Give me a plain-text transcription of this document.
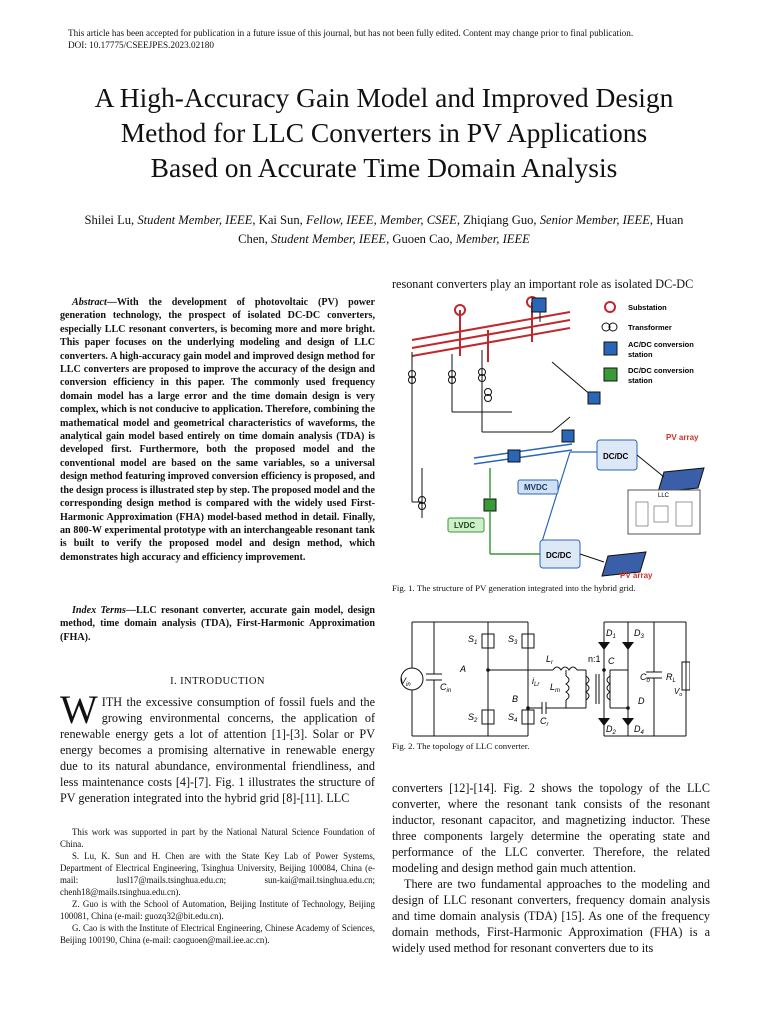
This article has been accepted for publication in a future issue of this journal, but has not been fully edited. Content may change prior to final publication.
DOI: 10.17775/CSEEJPES.2023.02180
A High-Accuracy Gain Model and Improved Design
Method for LLC Converters in PV Applications
Based on Accurate Time Domain Analysis
Shilei Lu, Student Member, IEEE, Kai Sun, Fellow, IEEE, Member, CSEE, Zhiqiang Guo, Senior Member, IEEE, Huan Chen, Student Member, IEEE, Guoen Cao, Member, IEEE
Abstract—With the development of photovoltaic (PV) power generation technology, the prospect of isolated DC-DC converters, especially LLC resonant converters, is becoming more and more bright. This paper focuses on the underlying modeling and design of LLC converters. A high-accuracy gain model and improved design method for LLC converters are proposed to improve the accuracy of the design and conversion efficiency in this paper. The commonly used frequency domain model has a large error and the time domain design is very complex, which is not conducive to application. Therefore, combining the mathematical model and geometrical characteristics of waveforms, the analytical gain model based entirely on time domain analysis (TDA) is developed first. Furthermore, both the proposed model and the conventional model are based on the same variables, so a universal design method featuring improved conversion efficiency is proposed, and the design process is illustrated step by step. The proposed model and the corresponding design method is compared with the widely used First-Harmonic Approximation (FHA) model-based method in detail. Finally, an 800-W experimental prototype with an interchangeable resonant tank is built to verify the proposed model and design method, which demonstrates high accuracy and efficiency improvement.
Index Terms—LLC resonant converter, accurate gain model, design method, time domain analysis (TDA), First-Harmonic Approximation (FHA).
I. INTRODUCTION
WITH the excessive consumption of fossil fuels and the growing environmental concerns, the application of renewable energy gets a lot of attention [1]-[3]. Solar or PV energy becomes a promising alternative in renewable energy due to its natural abundance, environmental friendliness, and less maintenance costs [4]-[7]. Fig. 1 illustrates the structure of PV generation integrated into the hybrid grid [8]-[11]. LLC

This work was supported in part by the National Natural Science Foundation of China.

S. Lu, K. Sun and H. Chen are with the State Key Lab of Power Systems, Department of Electrical Engineering, Tsinghua University, Beijing 100084, China (e-mail: lusl17@mails.tsinghua.edu.cn; sun-kai@mail.tsinghua.edu.cn; chenh18@mails.tsinghua.edu.cn).

Z. Guo is with the School of Automation, Beijing Institute of Technology, Beijing 100081, China (e-mail: guozq32@bit.edu.cn).

G. Cao is with the Institute of Electrical Engineering, Chinese Academy of Sciences, Beijing 100190, China (e-mail: caoguoen@mail.iee.ac.cn).

resonant converters play an important role as isolated DC-DC
DC/DC
DC/DC
MVDC
LVDC
PV array
PV array
LLC
Substation
Transformer
AC/DC conversion
station
DC/DC conversion
station
Fig. 1. The structure of PV generation integrated into the hybrid grid.
$V_{in}$	$C_{in}$
$S_1$
$S_2$
$S_3$
$S_4$
A
B
C
D
$L_r$
$i_{Lr}$ $L_m$
$C_r$
n:1
$D_1$
$D_2$
$D_3$
$D_4$
$C_o$ $R_L$
$V_o$
Fig. 2. The topology of LLC converter.

converters [12]-[14]. Fig. 2 shows the topology of the LLC converter, where the resonant tank consists of the resonant inductor, resonant capacitor, and magnetizing inductor. These three components largely determine the operating state and performance of the LLC converter. Therefore, the related modeling and design method gain much attention.

There are two fundamental approaches to the modeling and design of LLC resonant converters, frequency domain analysis and time domain analysis (TDA) [15]. As one of the frequency domain methods, First-Harmonic Approximation (FHA) is a widely used method for resonant converters due to its
